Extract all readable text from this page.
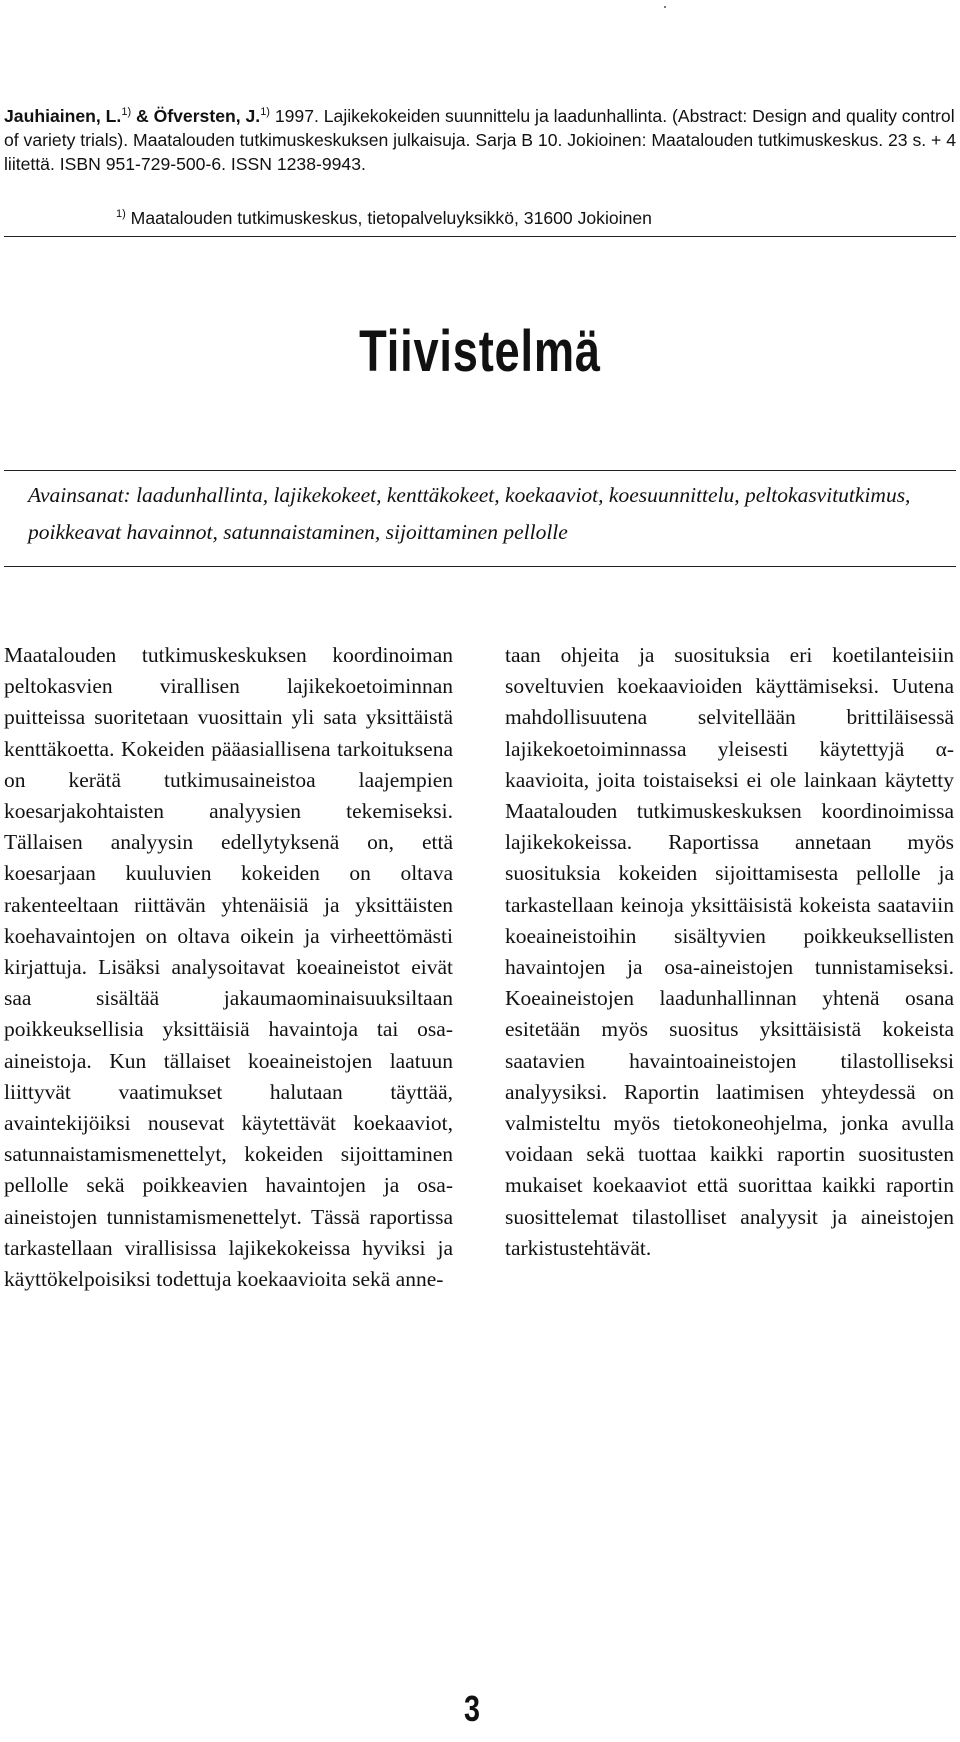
Jauhiainen, L.$^{1)}$ & Öfversten, J.$^{1)}$ 1997. Lajikekokeiden suunnittelu ja laadunhallinta. (Abstract: Design and quality control of variety trials). Maatalouden tutkimuskeskuksen julkaisuja. Sarja B 10. Jokioinen: Maatalouden tutkimuskeskus. 23 s. + 4 liitettä. ISBN 951-729-500-6. ISSN 1238-9943.
$^{1)}$ Maatalouden tutkimuskeskus, tietopalveluyksikkö, 31600 Jokioinen
Tiivistelmä
Avainsanat: laadunhallinta, lajikekokeet, kenttäkokeet, koekaaviot, koesuunnittelu, peltokasvitutkimus, poikkeavat havainnot, satunnaistaminen, sijoittaminen pellolle
Maatalouden tutkimuskeskuksen koordinoiman peltokasvien virallisen lajikekoetoiminnan puitteissa suoritetaan vuosittain yli sata yksittäistä kenttäkoetta. Kokeiden pääasiallisena tarkoituksena on kerätä tutkimusaineistoa laajempien koesarjakohtaisten analyysien tekemiseksi. Tällaisen analyysin edellytyksenä on, että koesarjaan kuuluvien kokeiden on oltava rakenteeltaan riittävän yhtenäisiä ja yksittäisten koehavaintojen on oltava oikein ja virheettömästi kirjattuja. Lisäksi analysoitavat koeaineistot eivät saa sisältää jakaumaominaisuuksiltaan poikkeuksellisia yksittäisiä havaintoja tai osa-aineistoja. Kun tällaiset koeaineistojen laatuun liittyvät vaatimukset halutaan täyttää, avaintekijöiksi nousevat käytettävät koekaaviot, satunnaistamismenettelyt, kokeiden sijoittaminen pellolle sekä poikkeavien havaintojen ja osa-aineistojen tunnistamismenettelyt. Tässä raportissa tarkastellaan virallisissa lajikekokeissa hyviksi ja käyttökelpoisiksi todettuja koekaavioita sekä anne-
taan ohjeita ja suosituksia eri koetilanteisiin soveltuvien koekaavioiden käyttämiseksi. Uutena mahdollisuutena selvitellään brittiläisessä lajikekoetoiminnassa yleisesti käytettyjä α-kaavioita, joita toistaiseksi ei ole lainkaan käytetty Maatalouden tutkimuskeskuksen koordinoimissa lajikekokeissa. Raportissa annetaan myös suosituksia kokeiden sijoittamisesta pellolle ja tarkastellaan keinoja yksittäisistä kokeista saataviin koeaineistoihin sisältyvien poikkeuksellisten havaintojen ja osa-aineistojen tunnistamiseksi. Koeaineistojen laadunhallinnan yhtenä osana esitetään myös suositus yksittäisistä kokeista saatavien havaintoaineistojen tilastolliseksi analyysiksi. Raportin laatimisen yhteydessä on valmisteltu myös tietokoneohjelma, jonka avulla voidaan sekä tuottaa kaikki raportin suositusten mukaiset koekaaviot että suorittaa kaikki raportin suosittelemat tilastolliset analyysit ja aineistojen tarkistustehtävät.
3
